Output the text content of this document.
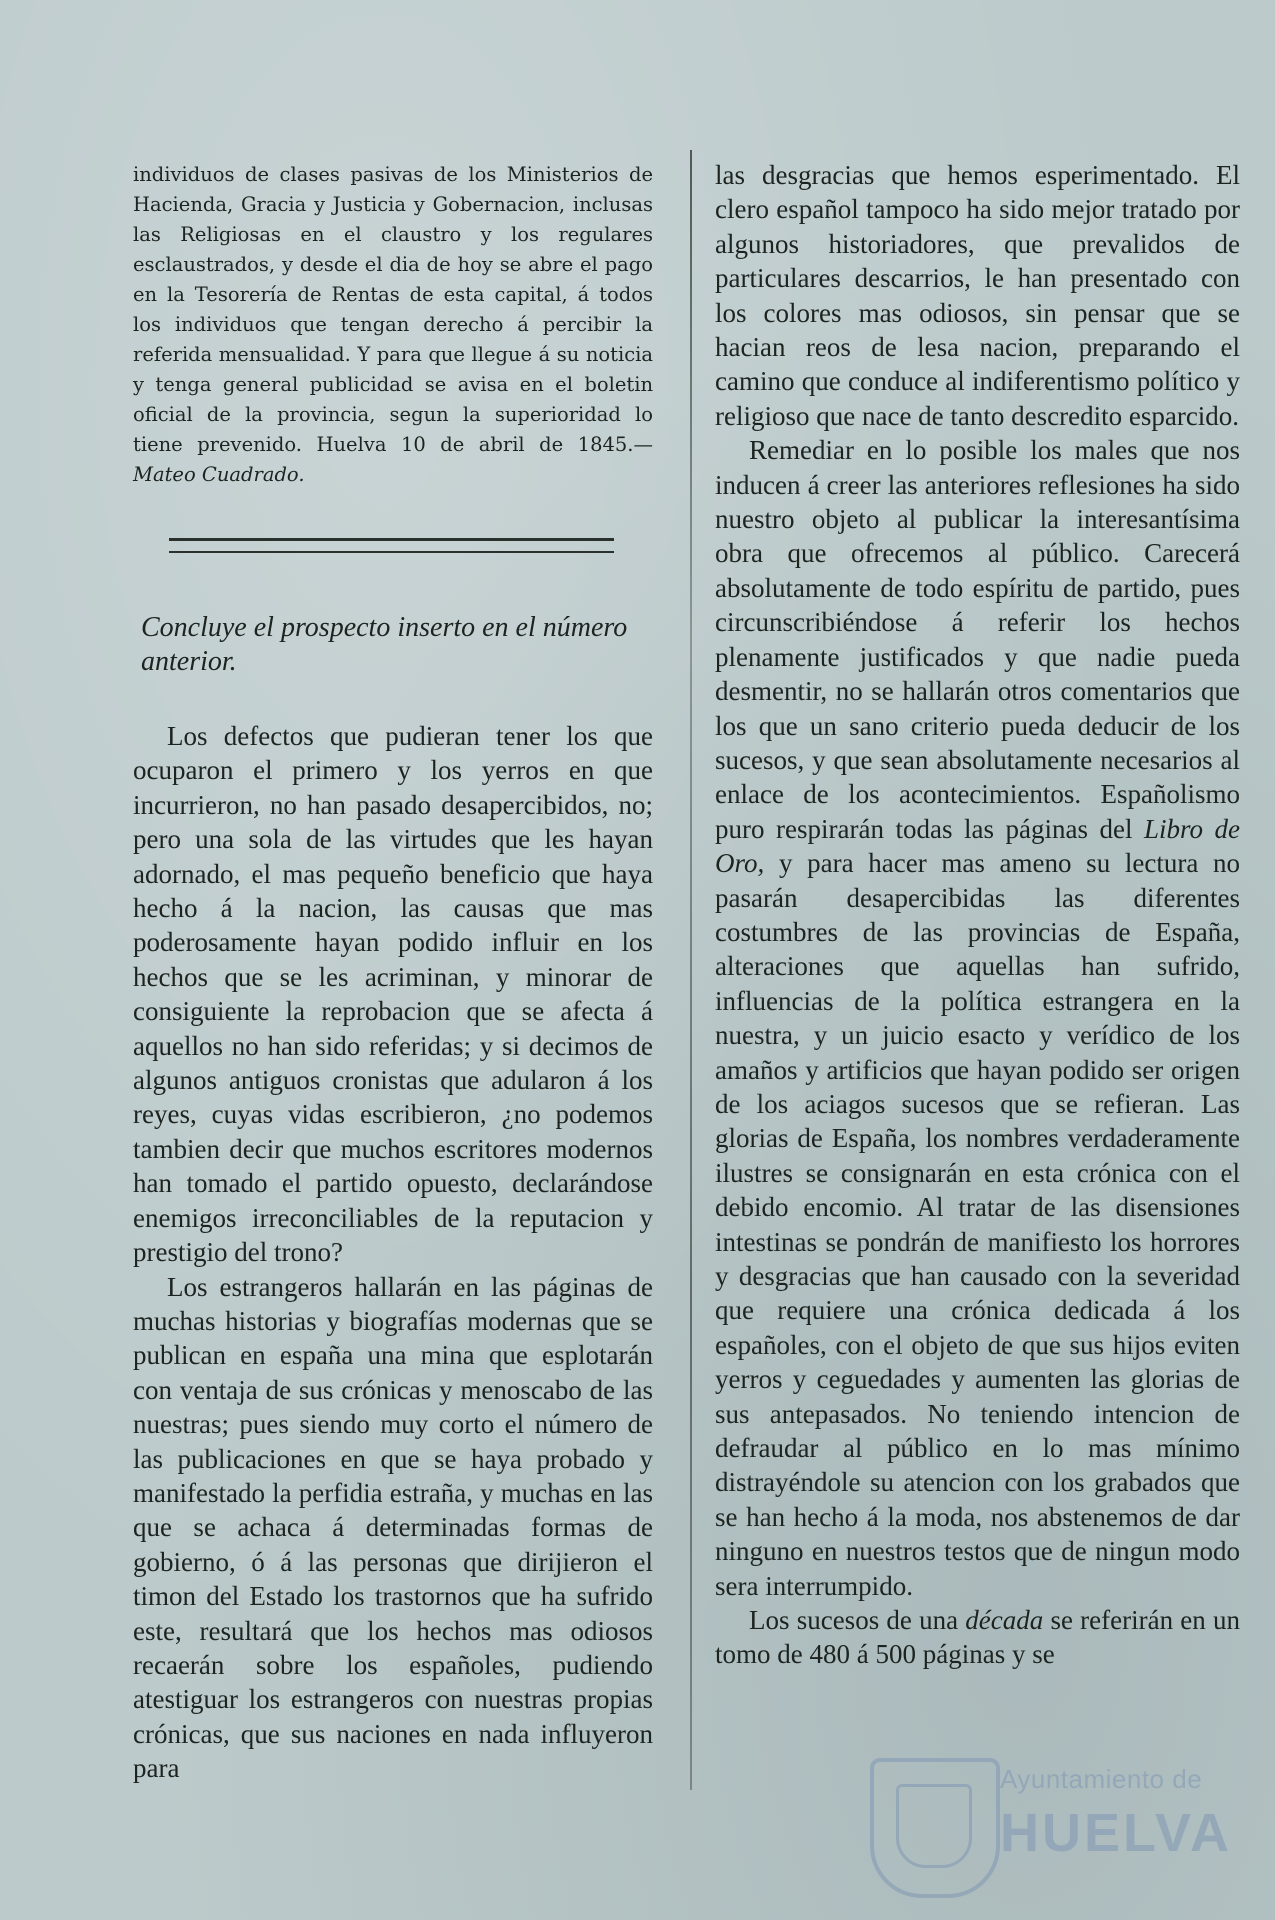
individuos de clases pasivas de los Ministerios de Hacienda, Gracia y Justicia y Gobernacion, inclusas las Religiosas en el claustro y los regulares esclaustrados, y desde el dia de hoy se abre el pago en la Tesorería de Rentas de esta capital, á todos los individuos que tengan derecho á percibir la referida mensualidad. Y para que llegue á su noticia y tenga general publicidad se avisa en el boletin oficial de la provincia, segun la superioridad lo tiene prevenido. Huelva 10 de abril de 1845.—Mateo Cuadrado.

Concluye el prospecto inserto en el número anterior.

Los defectos que pudieran tener los que ocuparon el primero y los yerros en que incurrieron, no han pasado desapercibidos, no; pero una sola de las virtudes que les hayan adornado, el mas pequeño beneficio que haya hecho á la nacion, las causas que mas poderosamente hayan podido influir en los hechos que se les acriminan, y minorar de consiguiente la reprobacion que se afecta á aquellos no han sido referidas; y si decimos de algunos antiguos cronistas que adularon á los reyes, cuyas vidas escribieron, ¿no podemos tambien decir que muchos escritores modernos han tomado el partido opuesto, declarándose enemigos irreconciliables de la reputacion y prestigio del trono?

Los estrangeros hallarán en las páginas de muchas historias y biografías modernas que se publican en españa una mina que esplotarán con ventaja de sus crónicas y menoscabo de las nuestras; pues siendo muy corto el número de las publicaciones en que se haya probado y manifestado la perfidia estraña, y muchas en las que se achaca á determinadas formas de gobierno, ó á las personas que dirijieron el timon del Estado los trastornos que ha sufrido este, resultará que los hechos mas odiosos recaerán sobre los españoles, pudiendo atestiguar los estrangeros con nuestras propias crónicas, que sus naciones en nada influyeron para

las desgracias que hemos esperimentado. El clero español tampoco ha sido mejor tratado por algunos historiadores, que prevalidos de particulares descarrios, le han presentado con los colores mas odiosos, sin pensar que se hacian reos de lesa nacion, preparando el camino que conduce al indiferentismo político y religioso que nace de tanto descredito esparcido.

Remediar en lo posible los males que nos inducen á creer las anteriores reflesiones ha sido nuestro objeto al publicar la interesantísima obra que ofrecemos al público. Carecerá absolutamente de todo espíritu de partido, pues circunscribiéndose á referir los hechos plenamente justificados y que nadie pueda desmentir, no se hallarán otros comentarios que los que un sano criterio pueda deducir de los sucesos, y que sean absolutamente necesarios al enlace de los acontecimientos. Españolismo puro respirarán todas las páginas del Libro de Oro, y para hacer mas ameno su lectura no pasarán desapercibidas las diferentes costumbres de las provincias de España, alteraciones que aquellas han sufrido, influencias de la política estrangera en la nuestra, y un juicio esacto y verídico de los amaños y artificios que hayan podido ser origen de los aciagos sucesos que se refieran. Las glorias de España, los nombres verdaderamente ilustres se consignarán en esta crónica con el debido encomio. Al tratar de las disensiones intestinas se pondrán de manifiesto los horrores y desgracias que han causado con la severidad que requiere una crónica dedicada á los españoles, con el objeto de que sus hijos eviten yerros y ceguedades y aumenten las glorias de sus antepasados. No teniendo intencion de defraudar al público en lo mas mínimo distrayéndole su atencion con los grabados que se han hecho á la moda, nos abstenemos de dar ninguno en nuestros testos que de ningun modo sera interrumpido.

Los sucesos de una década se referirán en un tomo de 480 á 500 páginas y se

Ayuntamiento de
HUELVA
